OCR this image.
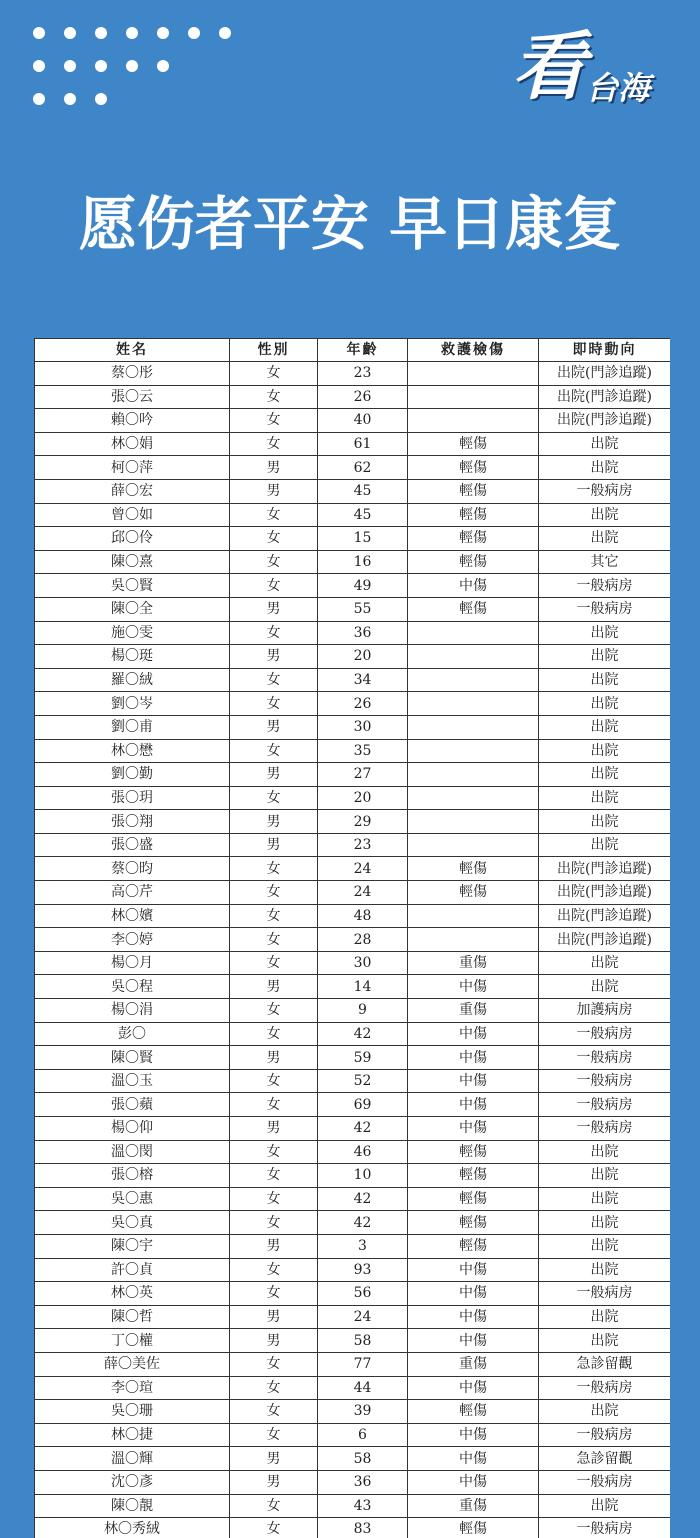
看 台海
愿伤者平安 早日康复
姓名	性別	年齡	救護檢傷	即時動向
蔡〇彤	女	23		出院(門診追蹤)
張〇云	女	26		出院(門診追蹤)
賴〇吟	女	40		出院(門診追蹤)
林〇娟	女	61	輕傷	出院
柯〇萍	男	62	輕傷	出院
薛〇宏	男	45	輕傷	一般病房
曾〇如	女	45	輕傷	出院
邱〇伶	女	15	輕傷	出院
陳〇熹	女	16	輕傷	其它
吳〇賢	女	49	中傷	一般病房
陳〇全	男	55	輕傷	一般病房
施〇雯	女	36		出院
楊〇珽	男	20		出院
羅〇絨	女	34		出院
劉〇岑	女	26		出院
劉〇甫	男	30		出院
林〇懋	女	35		出院
劉〇勤	男	27		出院
張〇玥	女	20		出院
張〇翔	男	29		出院
張〇盛	男	23		出院
蔡〇昀	女	24	輕傷	出院(門診追蹤)
高〇芹	女	24	輕傷	出院(門診追蹤)
林〇嬪	女	48		出院(門診追蹤)
李〇婷	女	28		出院(門診追蹤)
楊〇月	女	30	重傷	出院
吳〇程	男	14	中傷	出院
楊〇涓	女	9	重傷	加護病房
彭〇	女	42	中傷	一般病房
陳〇賢	男	59	中傷	一般病房
溫〇玉	女	52	中傷	一般病房
張〇蘋	女	69	中傷	一般病房
楊〇仰	男	42	中傷	一般病房
溫〇閔	女	46	輕傷	出院
張〇榕	女	10	輕傷	出院
吳〇惠	女	42	輕傷	出院
吳〇真	女	42	輕傷	出院
陳〇宇	男	3	輕傷	出院
許〇貞	女	93	中傷	出院
林〇英	女	56	中傷	一般病房
陳〇哲	男	24	中傷	出院
丁〇權	男	58	中傷	出院
薛〇美佐	女	77	重傷	急診留觀
李〇瑄	女	44	中傷	一般病房
吳〇珊	女	39	輕傷	出院
林〇捷	女	6	中傷	一般病房
溫〇輝	男	58	中傷	急診留觀
沈〇彥	男	36	中傷	一般病房
陳〇靚	女	43	重傷	出院
林〇秀絨	女	83	輕傷	一般病房
